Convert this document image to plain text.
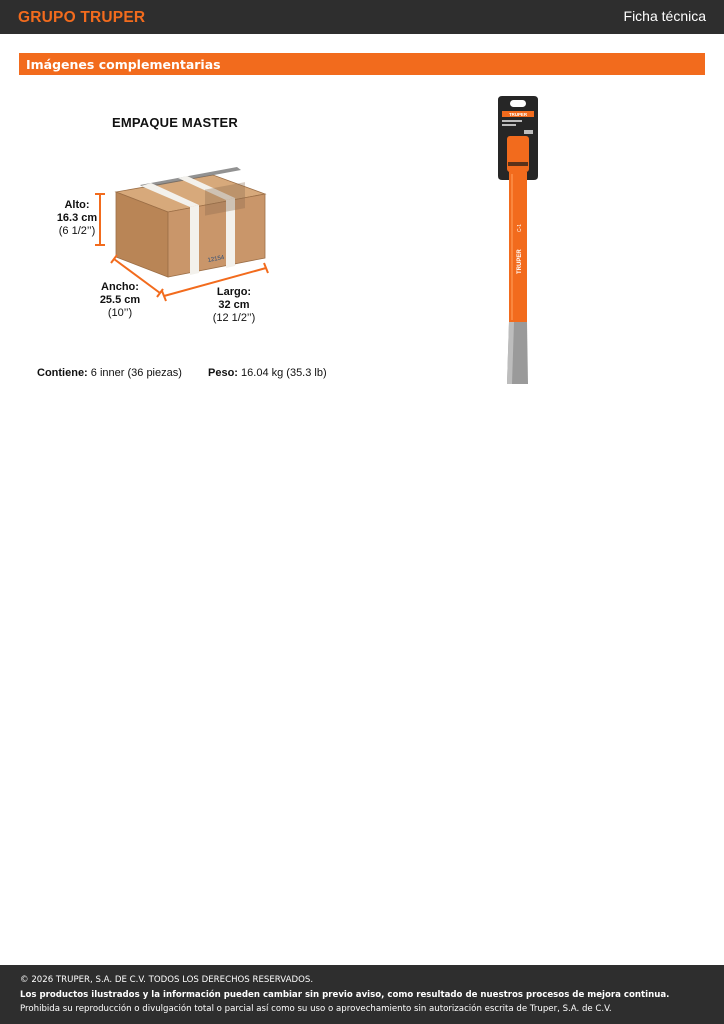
GRUPO TRUPER	Ficha técnica
Imágenes complementarias
EMPAQUE MASTER
12154
Alto:
16.3 cm
(6 1/2’’)
Ancho:
25.5 cm
(10’’)
Largo:
32 cm
(12 1/2’’)
Contiene: 6 inner (36 piezas) Peso: 16.04 kg (35.3 lb)
TRUPER
TRUPER
C-1
© 2026 TRUPER, S.A. DE C.V. TODOS LOS DERECHOS RESERVADOS.
Los productos ilustrados y la información pueden cambiar sin previo aviso, como resultado de nuestros procesos de mejora continua.
Prohibida su reproducción o divulgación total o parcial así como su uso o aprovechamiento sin autorización escrita de Truper, S.A. de C.V.
